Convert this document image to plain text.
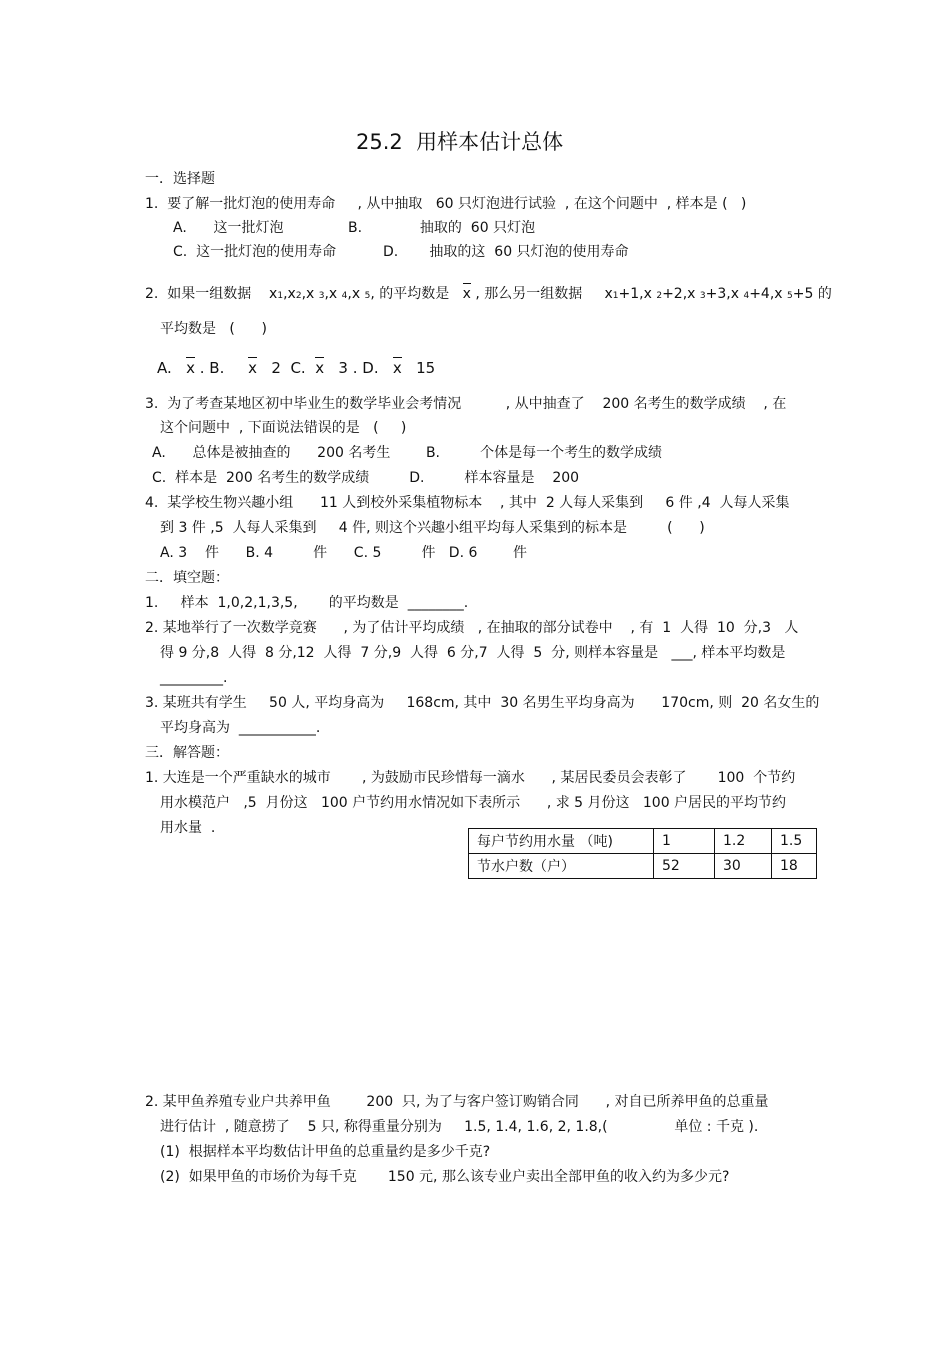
25.2  用样本估计总体
一．选择题
1.  要了解一批灯泡的使用寿命     , 从中抽取   60 只灯泡进行试验  , 在这个问题中  , 样本是 (   )
A.      这一批灯泡	B.             抽取的  60 只灯泡
C.  这一批灯泡的使用寿命	D.       抽取的这  60 只灯泡的使用寿命
2.  如果一组数据    x1,x2,x 3,x 4,x 5, 的平均数是   x , 那么另一组数据     x1+1,x 2+2,x 3+3,x 4+4,x 5+5 的
平均数是   (      )
A.   x . B.     x   2  C.  x   3 . D.   x   15
3.  为了考查某地区初中毕业生的数学毕业会考情况          , 从中抽查了    200 名考生的数学成绩    , 在
这个问题中  , 下面说法错误的是   (     )
A.      总体是被抽查的      200 名考生        B.         个体是每一个考生的数学成绩
C.  样本是  200 名考生的数学成绩         D.         样本容量是    200
4.  某学校生物兴趣小组      11 人到校外采集植物标本    , 其中  2 人每人采集到     6 件 ,4  人每人采集
到 3 件 ,5  人每人采集到     4 件, 则这个兴趣小组平均每人采集到的标本是         (      )
A. 3    件      B. 4         件      C. 5         件   D. 6        件
二．填空题：
1.     样本  1,0,2,1,3,5,       的平均数是  ________.
2. 某地举行了一次数学竞赛      , 为了估计平均成绩   , 在抽取的部分试卷中    , 有  1  人得  10  分,3   人
得 9 分,8  人得  8 分,12  人得  7 分,9  人得  6 分,7  人得  5  分, 则样本容量是   ___, 样本平均数是
_________.
3. 某班共有学生     50 人, 平均身高为     168cm, 其中  30 名男生平均身高为      170cm, 则  20 名女生的
平均身高为  ___________.
三．解答题：
1. 大连是一个严重缺水的城市       , 为鼓励市民珍惜每一滴水      , 某居民委员会表彰了       100  个节约
用水模范户   ,5  月份这   100 户节约用水情况如下表所示      , 求 5 月份这   100 户居民的平均节约
用水量  .
每户节约用水量 （吨)	1	1.2	1.5
节水户数（户）	52	30	18
2. 某甲鱼养殖专业户共养甲鱼        200  只, 为了与客户签订购销合同      , 对自已所养甲鱼的总重量
进行估计  , 随意捞了    5 只, 称得重量分别为     1.5, 1.4, 1.6, 2, 1.8,(               单位 : 千克 ).
(1)  根据样本平均数估计甲鱼的总重量约是多少千克?
(2)  如果甲鱼的市场价为每千克       150 元, 那么该专业户卖出全部甲鱼的收入约为多少元?
